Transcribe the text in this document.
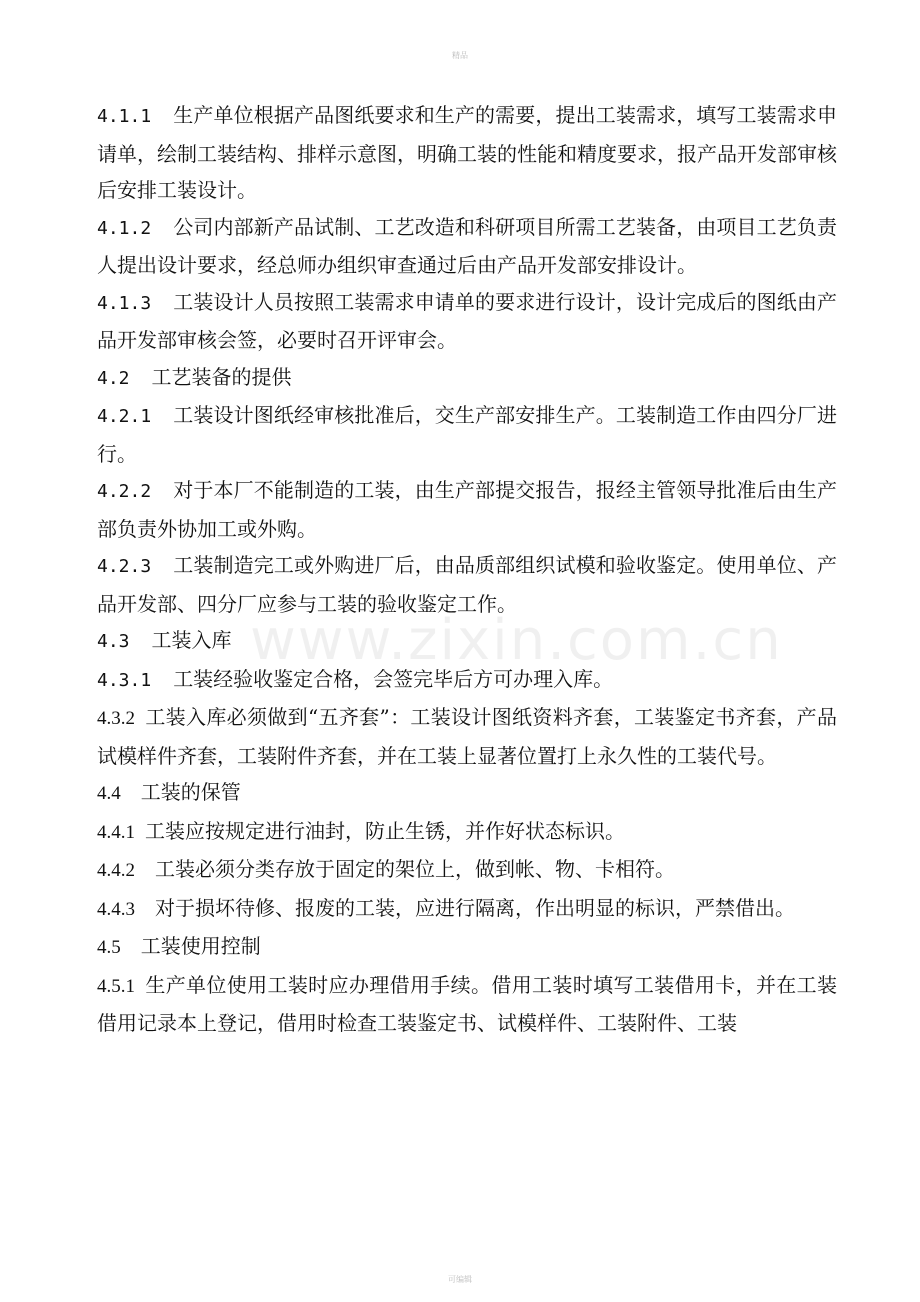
精品
www.zixin.com.cn

4.1.1 生产单位根据产品图纸要求和生产的需要，提出工装需求，填写工装需求申请单，绘制工装结构、排样示意图，明确工装的性能和精度要求，报产品开发部审核后安排工装设计。

4.1.2 公司内部新产品试制、工艺改造和科研项目所需工艺装备，由项目工艺负责人提出设计要求，经总师办组织审查通过后由产品开发部安排设计。

4.1.3 工装设计人员按照工装需求申请单的要求进行设计，设计完成后的图纸由产品开发部审核会签，必要时召开评审会。

4.2 工艺装备的提供

4.2.1 工装设计图纸经审核批准后，交生产部安排生产。工装制造工作由四分厂进行。

4.2.2 对于本厂不能制造的工装，由生产部提交报告，报经主管领导批准后由生产部负责外协加工或外购。

4.2.3 工装制造完工或外购进厂后，由品质部组织试模和验收鉴定。使用单位、产品开发部、四分厂应参与工装的验收鉴定工作。

4.3 工装入库

4.3.1 工装经验收鉴定合格，会签完毕后方可办理入库。

4.3.2 工装入库必须做到“五齐套”：工装设计图纸资料齐套，工装鉴定书齐套，产品试模样件齐套，工装附件齐套，并在工装上显著位置打上永久性的工装代号。

4.4 工装的保管

4.4.1 工装应按规定进行油封，防止生锈，并作好状态标识。

4.4.2 工装必须分类存放于固定的架位上，做到帐、物、卡相符。

4.4.3 对于损坏待修、报废的工装，应进行隔离，作出明显的标识，严禁借出。

4.5 工装使用控制

4.5.1 生产单位使用工装时应办理借用手续。借用工装时填写工装借用卡，并在工装借用记录本上登记，借用时检查工装鉴定书、试模样件、工装附件、工装

可编辑
